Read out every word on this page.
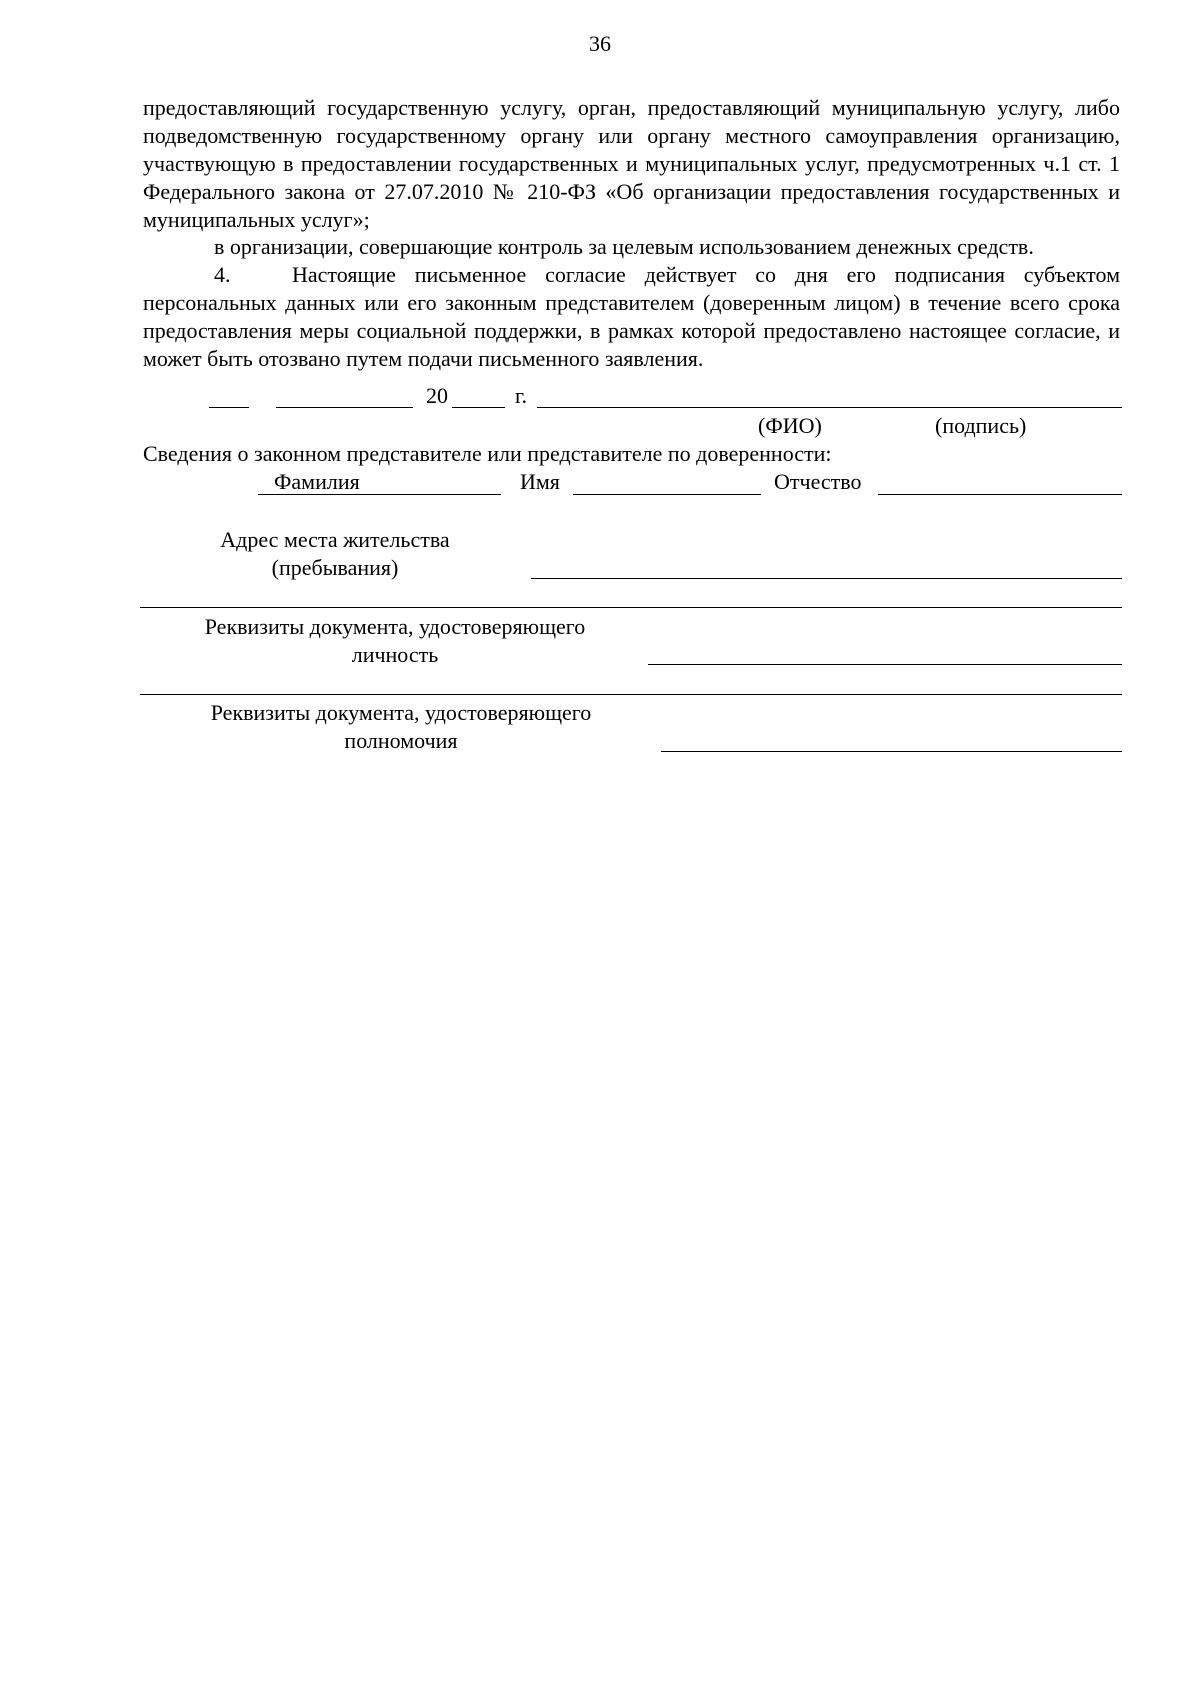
36
предоставляющий государственную услугу, орган, предоставляющий муниципальную услугу, либо подведомственную государственному органу или органу местного самоуправления организацию, участвующую в предоставлении государственных и муниципальных услуг, предусмотренных ч.1 ст. 1 Федерального закона от 27.07.2010 № 210-ФЗ «Об организации предоставления государственных и муниципальных услуг»;
в организации, совершающие контроль за целевым использованием денежных средств.
4.	Настоящие письменное согласие действует со дня его подписания субъектом персональных данных или его законным представителем (доверенным лицом) в течение всего срока предоставления меры социальной поддержки, в рамках которой предоставлено настоящее согласие, и может быть отозвано путем подачи письменного заявления.
20	г.
(ФИО)	(подпись)
Сведения о законном представителе или представителе по доверенности:
Фамилия	Имя	Отчество
Адрес места жительства
(пребывания)
Реквизиты документа, удостоверяющего
личность
Реквизиты документа, удостоверяющего
полномочия
